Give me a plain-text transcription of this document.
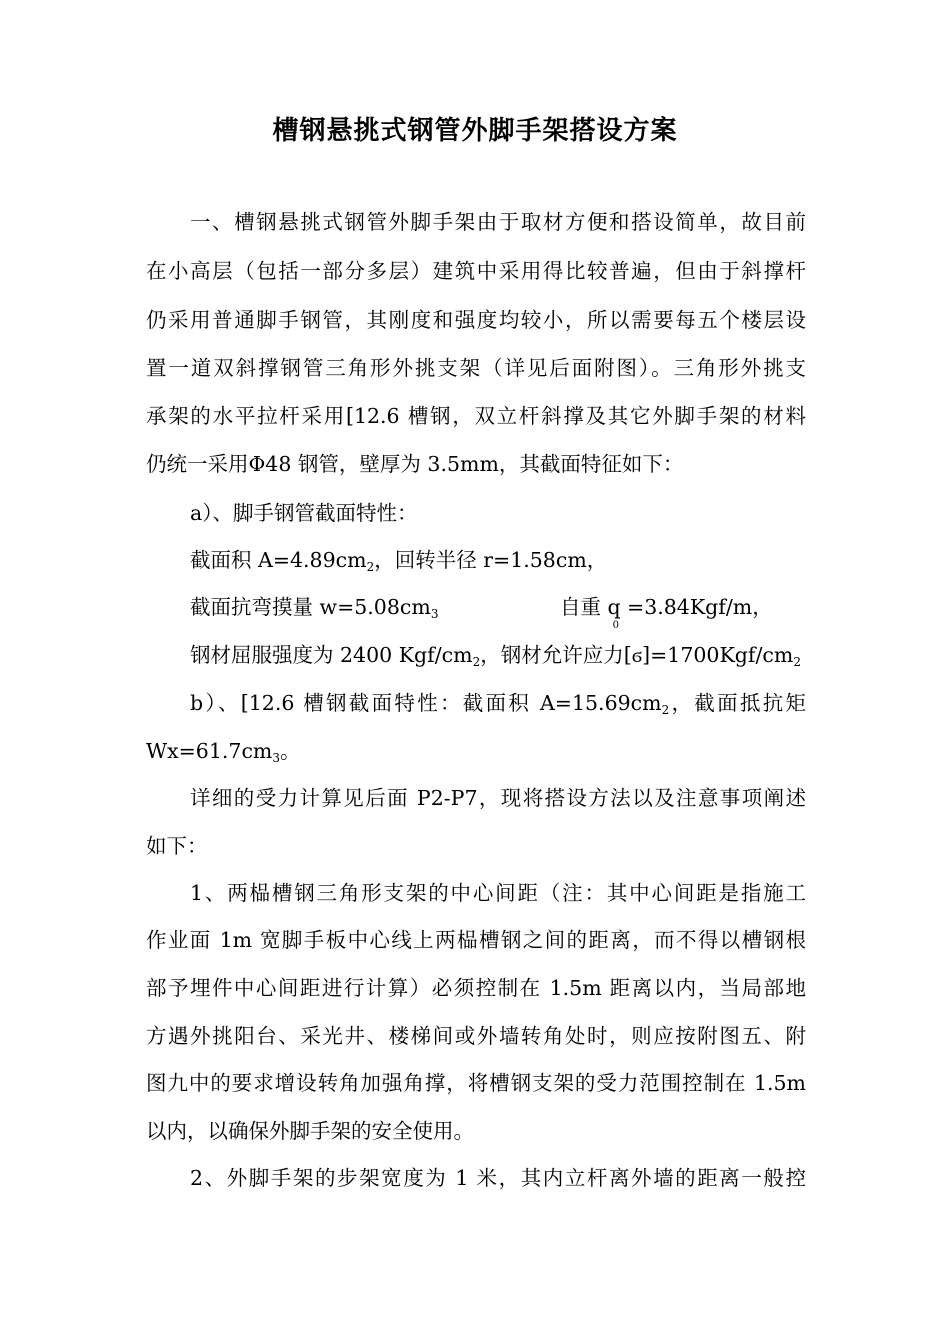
槽钢悬挑式钢管外脚手架搭设方案
一、槽钢悬挑式钢管外脚手架由于取材方便和搭设简单，故目前
在小高层（包括一部分多层）建筑中采用得比较普遍，但由于斜撑杆
仍采用普通脚手钢管，其刚度和强度均较小，所以需要每五个楼层设
置一道双斜撑钢管三角形外挑支架（详见后面附图）。三角形外挑支
承架的水平拉杆采用[12.6 槽钢，双立杆斜撑及其它外脚手架的材料
仍统一采用Φ48 钢管，壁厚为 3.5mm，其截面特征如下：
a）、脚手钢管截面特性：
截面积 $A=4.89cm_2$，回转半径 r=1.58cm，
截面抗弯摸量 $w=5.08cm_3$	自重 $q_0=3.84Kgf/m$，
钢材屈服强度为 2400 Kgf/$cm_2$，钢材允许应力$[ϭ]=1700Kgf/cm_2$
b）、[12.6 槽钢截面特性：截面积 $A=15.69cm_2$，截面抵抗矩
$Wx=61.7cm_3$。
详细的受力计算见后面 P2-P7，现将搭设方法以及注意事项阐述
如下：
1、两榀槽钢三角形支架的中心间距（注：其中心间距是指施工
作业面 1m 宽脚手板中心线上两榀槽钢之间的距离，而不得以槽钢根
部予埋件中心间距进行计算）必须控制在 1.5m 距离以内，当局部地
方遇外挑阳台、采光井、楼梯间或外墙转角处时，则应按附图五、附
图九中的要求增设转角加强角撑，将槽钢支架的受力范围控制在 1.5m
以内，以确保外脚手架的安全使用。
2、外脚手架的步架宽度为 1 米，其内立杆离外墙的距离一般控
